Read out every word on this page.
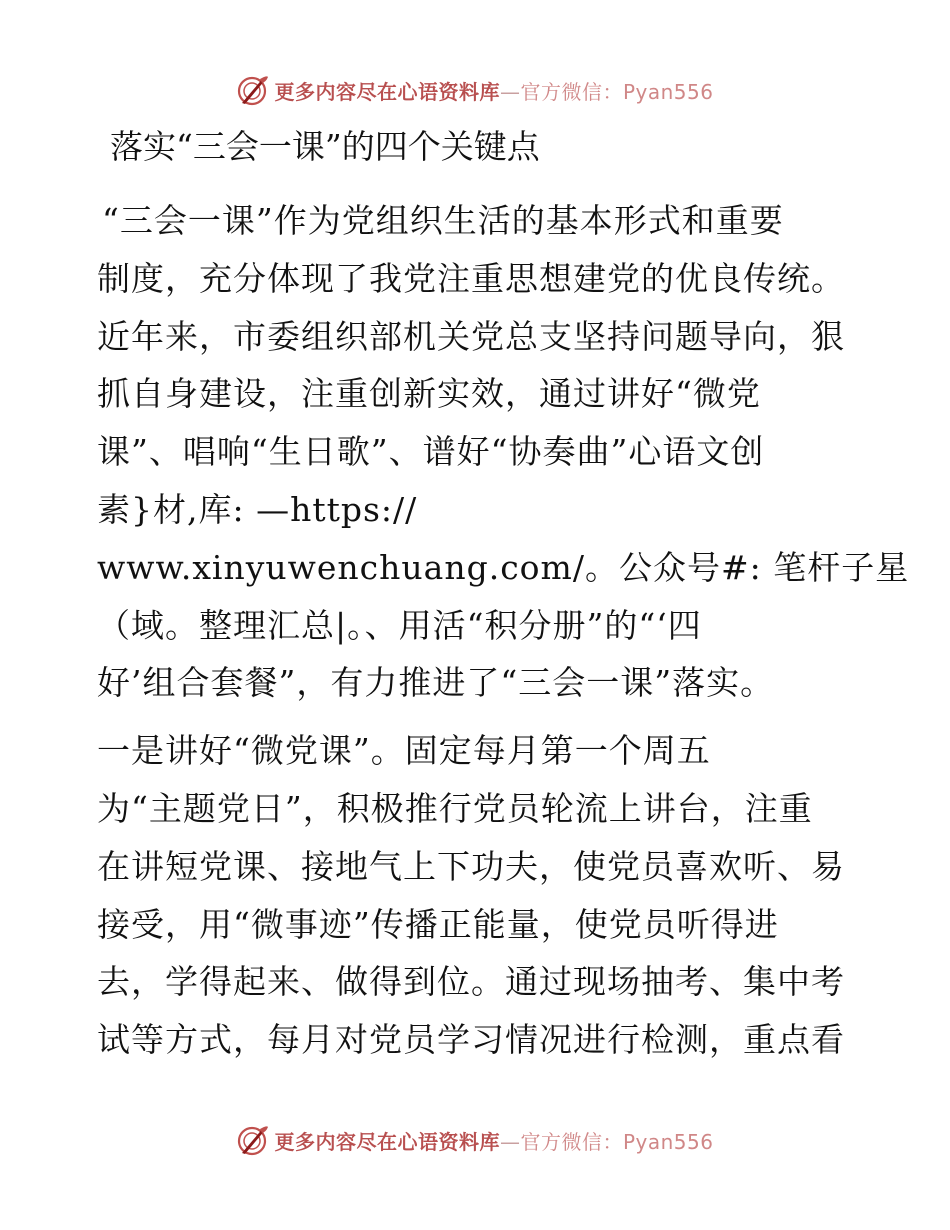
更多内容尽在心语资料库—官方微信：Pyan556
落实“三会一课”的四个关键点

“三会一课”作为党组织生活的基本形式和重要
制度，充分体现了我党注重思想建党的优良传统。
近年来，市委组织部机关党总支坚持问题导向，狠
抓自身建设，注重创新实效，通过讲好“微党
课”、唱响“生日歌”、谱好“协奏曲”心语文创
素}材,库: —https://
www.xinyuwenchuang.com/。公众号#: 笔杆子星
（域。整理汇总|。、用活“积分册”的“‘四
好’组合套餐”，有力推进了“三会一课”落实。

一是讲好“微党课”。固定每月第一个周五
为“主题党日”，积极推行党员轮流上讲台，注重
在讲短党课、接地气上下功夫，使党员喜欢听、易
接受，用“微事迹”传播正能量，使党员听得进
去，学得起来、做得到位。通过现场抽考、集中考
试等方式，每月对党员学习情况进行检测，重点看

更多内容尽在心语资料库—官方微信：Pyan556
